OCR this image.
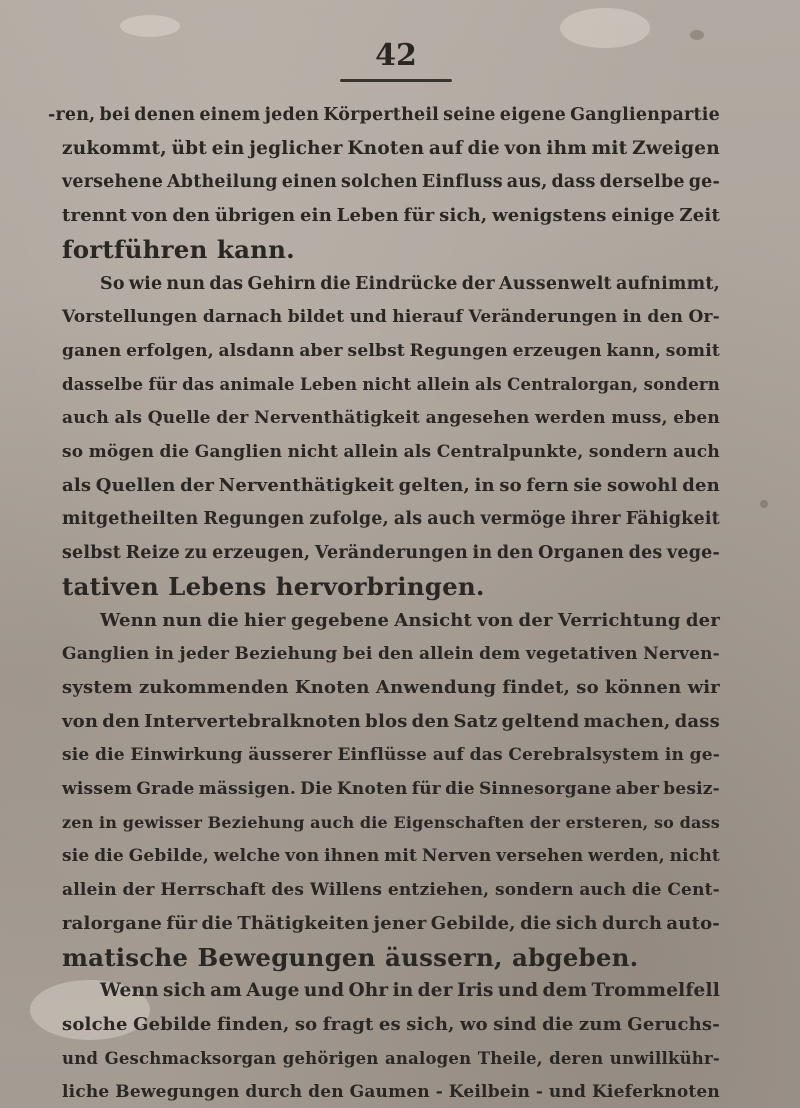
42
-ren, bei denen einem jeden Körpertheil seine eigene Ganglienpartie
zukommt, übt ein jeglicher Knoten auf die von ihm mit Zweigen
versehene Abtheilung einen solchen Einfluss aus, dass derselbe ge-
trennt von den übrigen ein Leben für sich, wenigstens einige Zeit
fortführen kann.
So wie nun das Gehirn die Eindrücke der Aussenwelt aufnimmt,
Vorstellungen darnach bildet und hierauf Veränderungen in den Or-
ganen erfolgen, alsdann aber selbst Regungen erzeugen kann, somit
dasselbe für das animale Leben nicht allein als Centralorgan, sondern
auch als Quelle der Nerventhätigkeit angesehen werden muss, eben
so mögen die Ganglien nicht allein als Centralpunkte, sondern auch
als Quellen der Nerventhätigkeit gelten, in so fern sie sowohl den
mitgetheilten Regungen zufolge, als auch vermöge ihrer Fähigkeit
selbst Reize zu erzeugen, Veränderungen in den Organen des vege-
tativen Lebens hervorbringen.
Wenn nun die hier gegebene Ansicht von der Verrichtung der
Ganglien in jeder Beziehung bei den allein dem vegetativen Nerven-
system zukommenden Knoten Anwendung findet, so können wir
von den Intervertebralknoten blos den Satz geltend machen, dass
sie die Einwirkung äusserer Einflüsse auf das Cerebralsystem in ge-
wissem Grade mässigen. Die Knoten für die Sinnesorgane aber besiz-
zen in gewisser Beziehung auch die Eigenschaften der ersteren, so dass
sie die Gebilde, welche von ihnen mit Nerven versehen werden, nicht
allein der Herrschaft des Willens entziehen, sondern auch die Cent-
ralorgane für die Thätigkeiten jener Gebilde, die sich durch auto-
matische Bewegungen äussern, abgeben.
Wenn sich am Auge und Ohr in der Iris und dem Trommelfell
solche Gebilde finden, so fragt es sich, wo sind die zum Geruchs-
und Geschmacksorgan gehörigen analogen Theile, deren unwillkühr-
liche Bewegungen durch den Gaumen - Keilbein - und Kieferknoten
